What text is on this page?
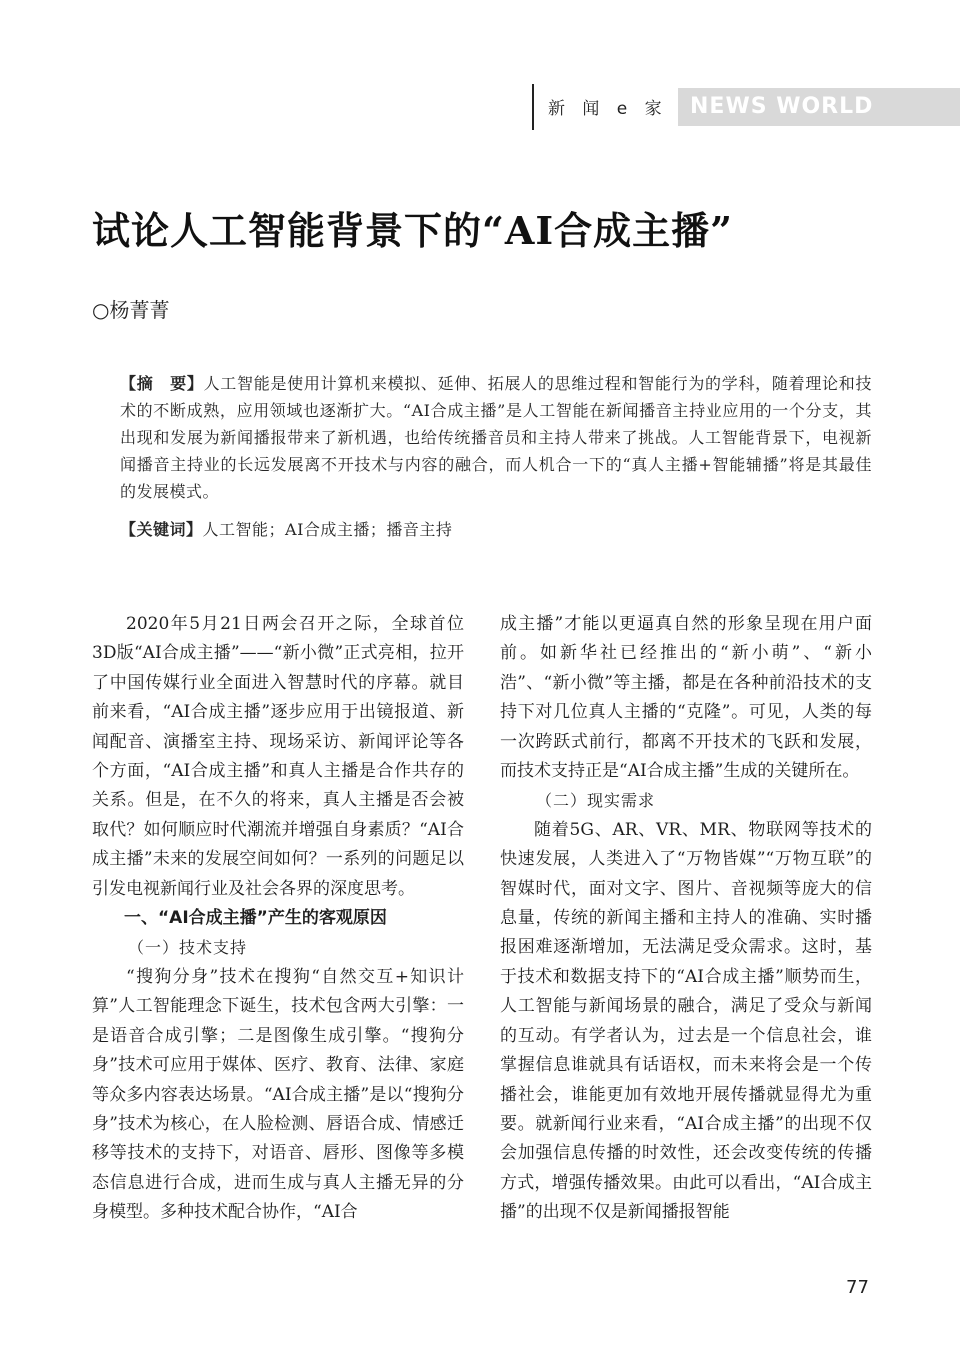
新 闻 e 家	NEWS WORLD
试论人工智能背景下的“AI合成主播”
○杨菁菁
【摘　要】人工智能是使用计算机来模拟、延伸、拓展人的思维过程和智能行为的学科，随着理论和技术的不断成熟，应用领域也逐渐扩大。“AI合成主播”是人工智能在新闻播音主持业应用的一个分支，其出现和发展为新闻播报带来了新机遇，也给传统播音员和主持人带来了挑战。人工智能背景下，电视新闻播音主持业的长远发展离不开技术与内容的融合，而人机合一下的“真人主播+智能辅播”将是其最佳的发展模式。
【关键词】人工智能；AI合成主播；播音主持

2020年5月21日两会召开之际，全球首位3D版“AI合成主播”——“新小微”正式亮相，拉开了中国传媒行业全面进入智慧时代的序幕。就目前来看，“AI合成主播”逐步应用于出镜报道、新闻配音、演播室主持、现场采访、新闻评论等各个方面，“AI合成主播”和真人主播是合作共存的关系。但是，在不久的将来，真人主播是否会被取代？如何顺应时代潮流并增强自身素质？“AI合成主播”未来的发展空间如何？一系列的问题足以引发电视新闻行业及社会各界的深度思考。

一、“AI合成主播”产生的客观原因
（一）技术支持

“搜狗分身”技术在搜狗“自然交互+知识计算”人工智能理念下诞生，技术包含两大引擎：一是语音合成引擎；二是图像生成引擎。“搜狗分身”技术可应用于媒体、医疗、教育、法律、家庭等众多内容表达场景。“AI合成主播”是以“搜狗分身”技术为核心，在人脸检测、唇语合成、情感迁移等技术的支持下，对语音、唇形、图像等多模态信息进行合成，进而生成与真人主播无异的分身模型。多种技术配合协作，“AI合

成主播”才能以更逼真自然的形象呈现在用户面前。如新华社已经推出的“新小萌”、“新小浩”、“新小微”等主播，都是在各种前沿技术的支持下对几位真人主播的“克隆”。可见，人类的每一次跨跃式前行，都离不开技术的飞跃和发展，而技术支持正是“AI合成主播”生成的关键所在。

（二）现实需求

随着5G、AR、VR、MR、物联网等技术的快速发展，人类进入了“万物皆媒”“万物互联”的智媒时代，面对文字、图片、音视频等庞大的信息量，传统的新闻主播和主持人的准确、实时播报困难逐渐增加，无法满足受众需求。这时，基于技术和数据支持下的“AI合成主播”顺势而生，人工智能与新闻场景的融合，满足了受众与新闻的互动。有学者认为，过去是一个信息社会，谁掌握信息谁就具有话语权，而未来将会是一个传播社会，谁能更加有效地开展传播就显得尤为重要。就新闻行业来看，“AI合成主播”的出现不仅会加强信息传播的时效性，还会改变传统的传播方式，增强传播效果。由此可以看出，“AI合成主播”的出现不仅是新闻播报智能

77
